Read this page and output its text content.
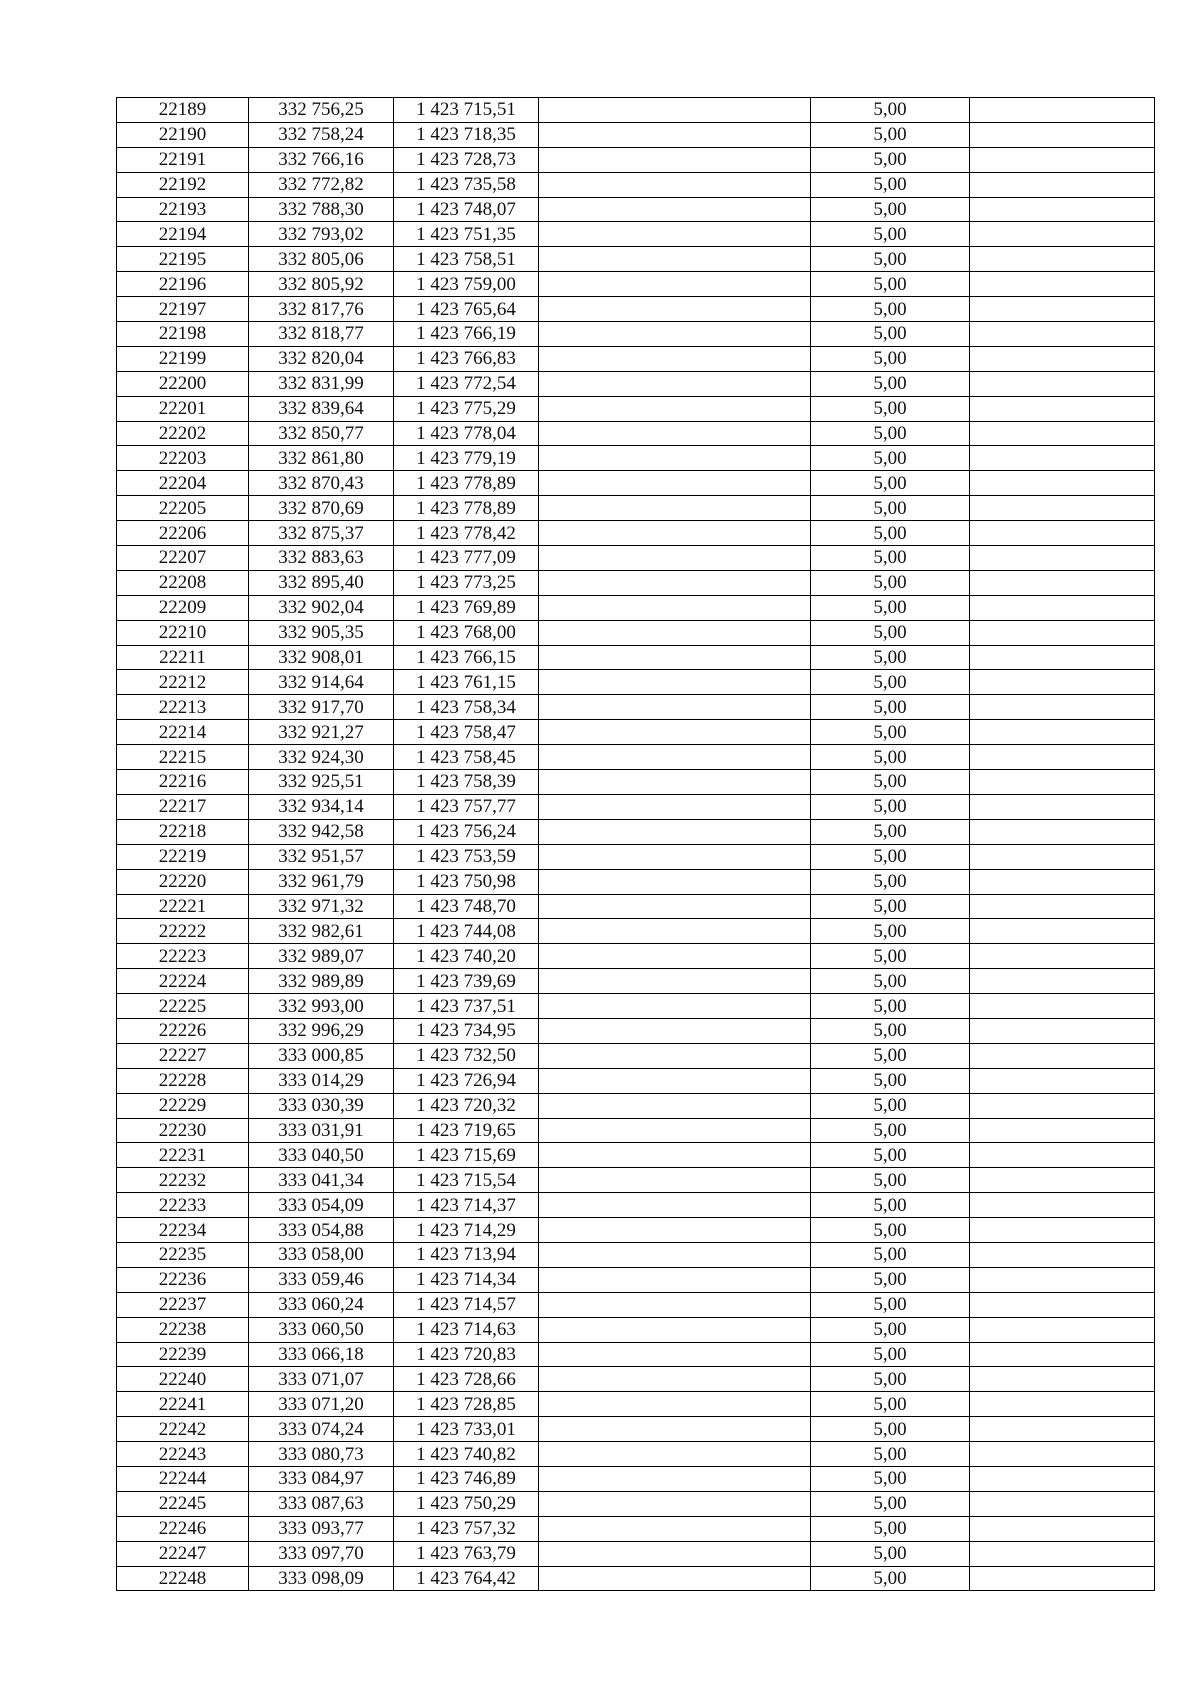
22189	332 756,25	1 423 715,51		5,00	
22190	332 758,24	1 423 718,35		5,00	
22191	332 766,16	1 423 728,73		5,00	
22192	332 772,82	1 423 735,58		5,00	
22193	332 788,30	1 423 748,07		5,00	
22194	332 793,02	1 423 751,35		5,00	
22195	332 805,06	1 423 758,51		5,00	
22196	332 805,92	1 423 759,00		5,00	
22197	332 817,76	1 423 765,64		5,00	
22198	332 818,77	1 423 766,19		5,00	
22199	332 820,04	1 423 766,83		5,00	
22200	332 831,99	1 423 772,54		5,00	
22201	332 839,64	1 423 775,29		5,00	
22202	332 850,77	1 423 778,04		5,00	
22203	332 861,80	1 423 779,19		5,00	
22204	332 870,43	1 423 778,89		5,00	
22205	332 870,69	1 423 778,89		5,00	
22206	332 875,37	1 423 778,42		5,00	
22207	332 883,63	1 423 777,09		5,00	
22208	332 895,40	1 423 773,25		5,00	
22209	332 902,04	1 423 769,89		5,00	
22210	332 905,35	1 423 768,00		5,00	
22211	332 908,01	1 423 766,15		5,00	
22212	332 914,64	1 423 761,15		5,00	
22213	332 917,70	1 423 758,34		5,00	
22214	332 921,27	1 423 758,47		5,00	
22215	332 924,30	1 423 758,45		5,00	
22216	332 925,51	1 423 758,39		5,00	
22217	332 934,14	1 423 757,77		5,00	
22218	332 942,58	1 423 756,24		5,00	
22219	332 951,57	1 423 753,59		5,00	
22220	332 961,79	1 423 750,98		5,00	
22221	332 971,32	1 423 748,70		5,00	
22222	332 982,61	1 423 744,08		5,00	
22223	332 989,07	1 423 740,20		5,00	
22224	332 989,89	1 423 739,69		5,00	
22225	332 993,00	1 423 737,51		5,00	
22226	332 996,29	1 423 734,95		5,00	
22227	333 000,85	1 423 732,50		5,00	
22228	333 014,29	1 423 726,94		5,00	
22229	333 030,39	1 423 720,32		5,00	
22230	333 031,91	1 423 719,65		5,00	
22231	333 040,50	1 423 715,69		5,00	
22232	333 041,34	1 423 715,54		5,00	
22233	333 054,09	1 423 714,37		5,00	
22234	333 054,88	1 423 714,29		5,00	
22235	333 058,00	1 423 713,94		5,00	
22236	333 059,46	1 423 714,34		5,00	
22237	333 060,24	1 423 714,57		5,00	
22238	333 060,50	1 423 714,63		5,00	
22239	333 066,18	1 423 720,83		5,00	
22240	333 071,07	1 423 728,66		5,00	
22241	333 071,20	1 423 728,85		5,00	
22242	333 074,24	1 423 733,01		5,00	
22243	333 080,73	1 423 740,82		5,00	
22244	333 084,97	1 423 746,89		5,00	
22245	333 087,63	1 423 750,29		5,00	
22246	333 093,77	1 423 757,32		5,00	
22247	333 097,70	1 423 763,79		5,00	
22248	333 098,09	1 423 764,42		5,00	
